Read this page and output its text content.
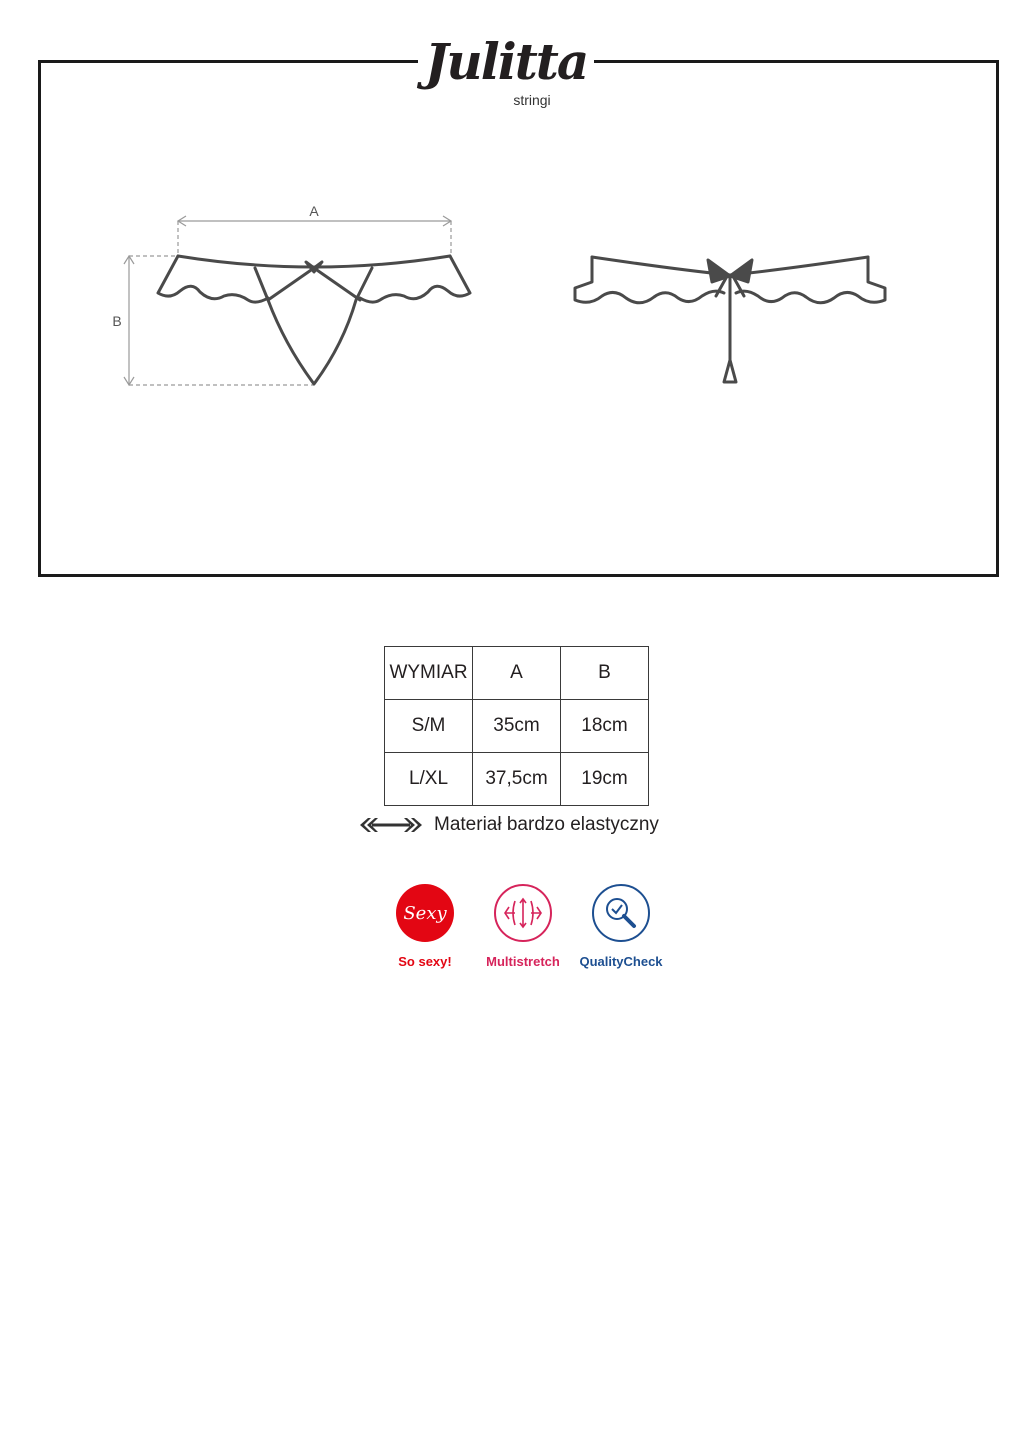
Julitta
stringi
A
B
WYMIAR	A	B
S/M	35cm	18cm
L/XL	37,5cm	19cm
Materiał bardzo elastyczny
Sexy
So sexy!	Multistretch	QualityCheck
